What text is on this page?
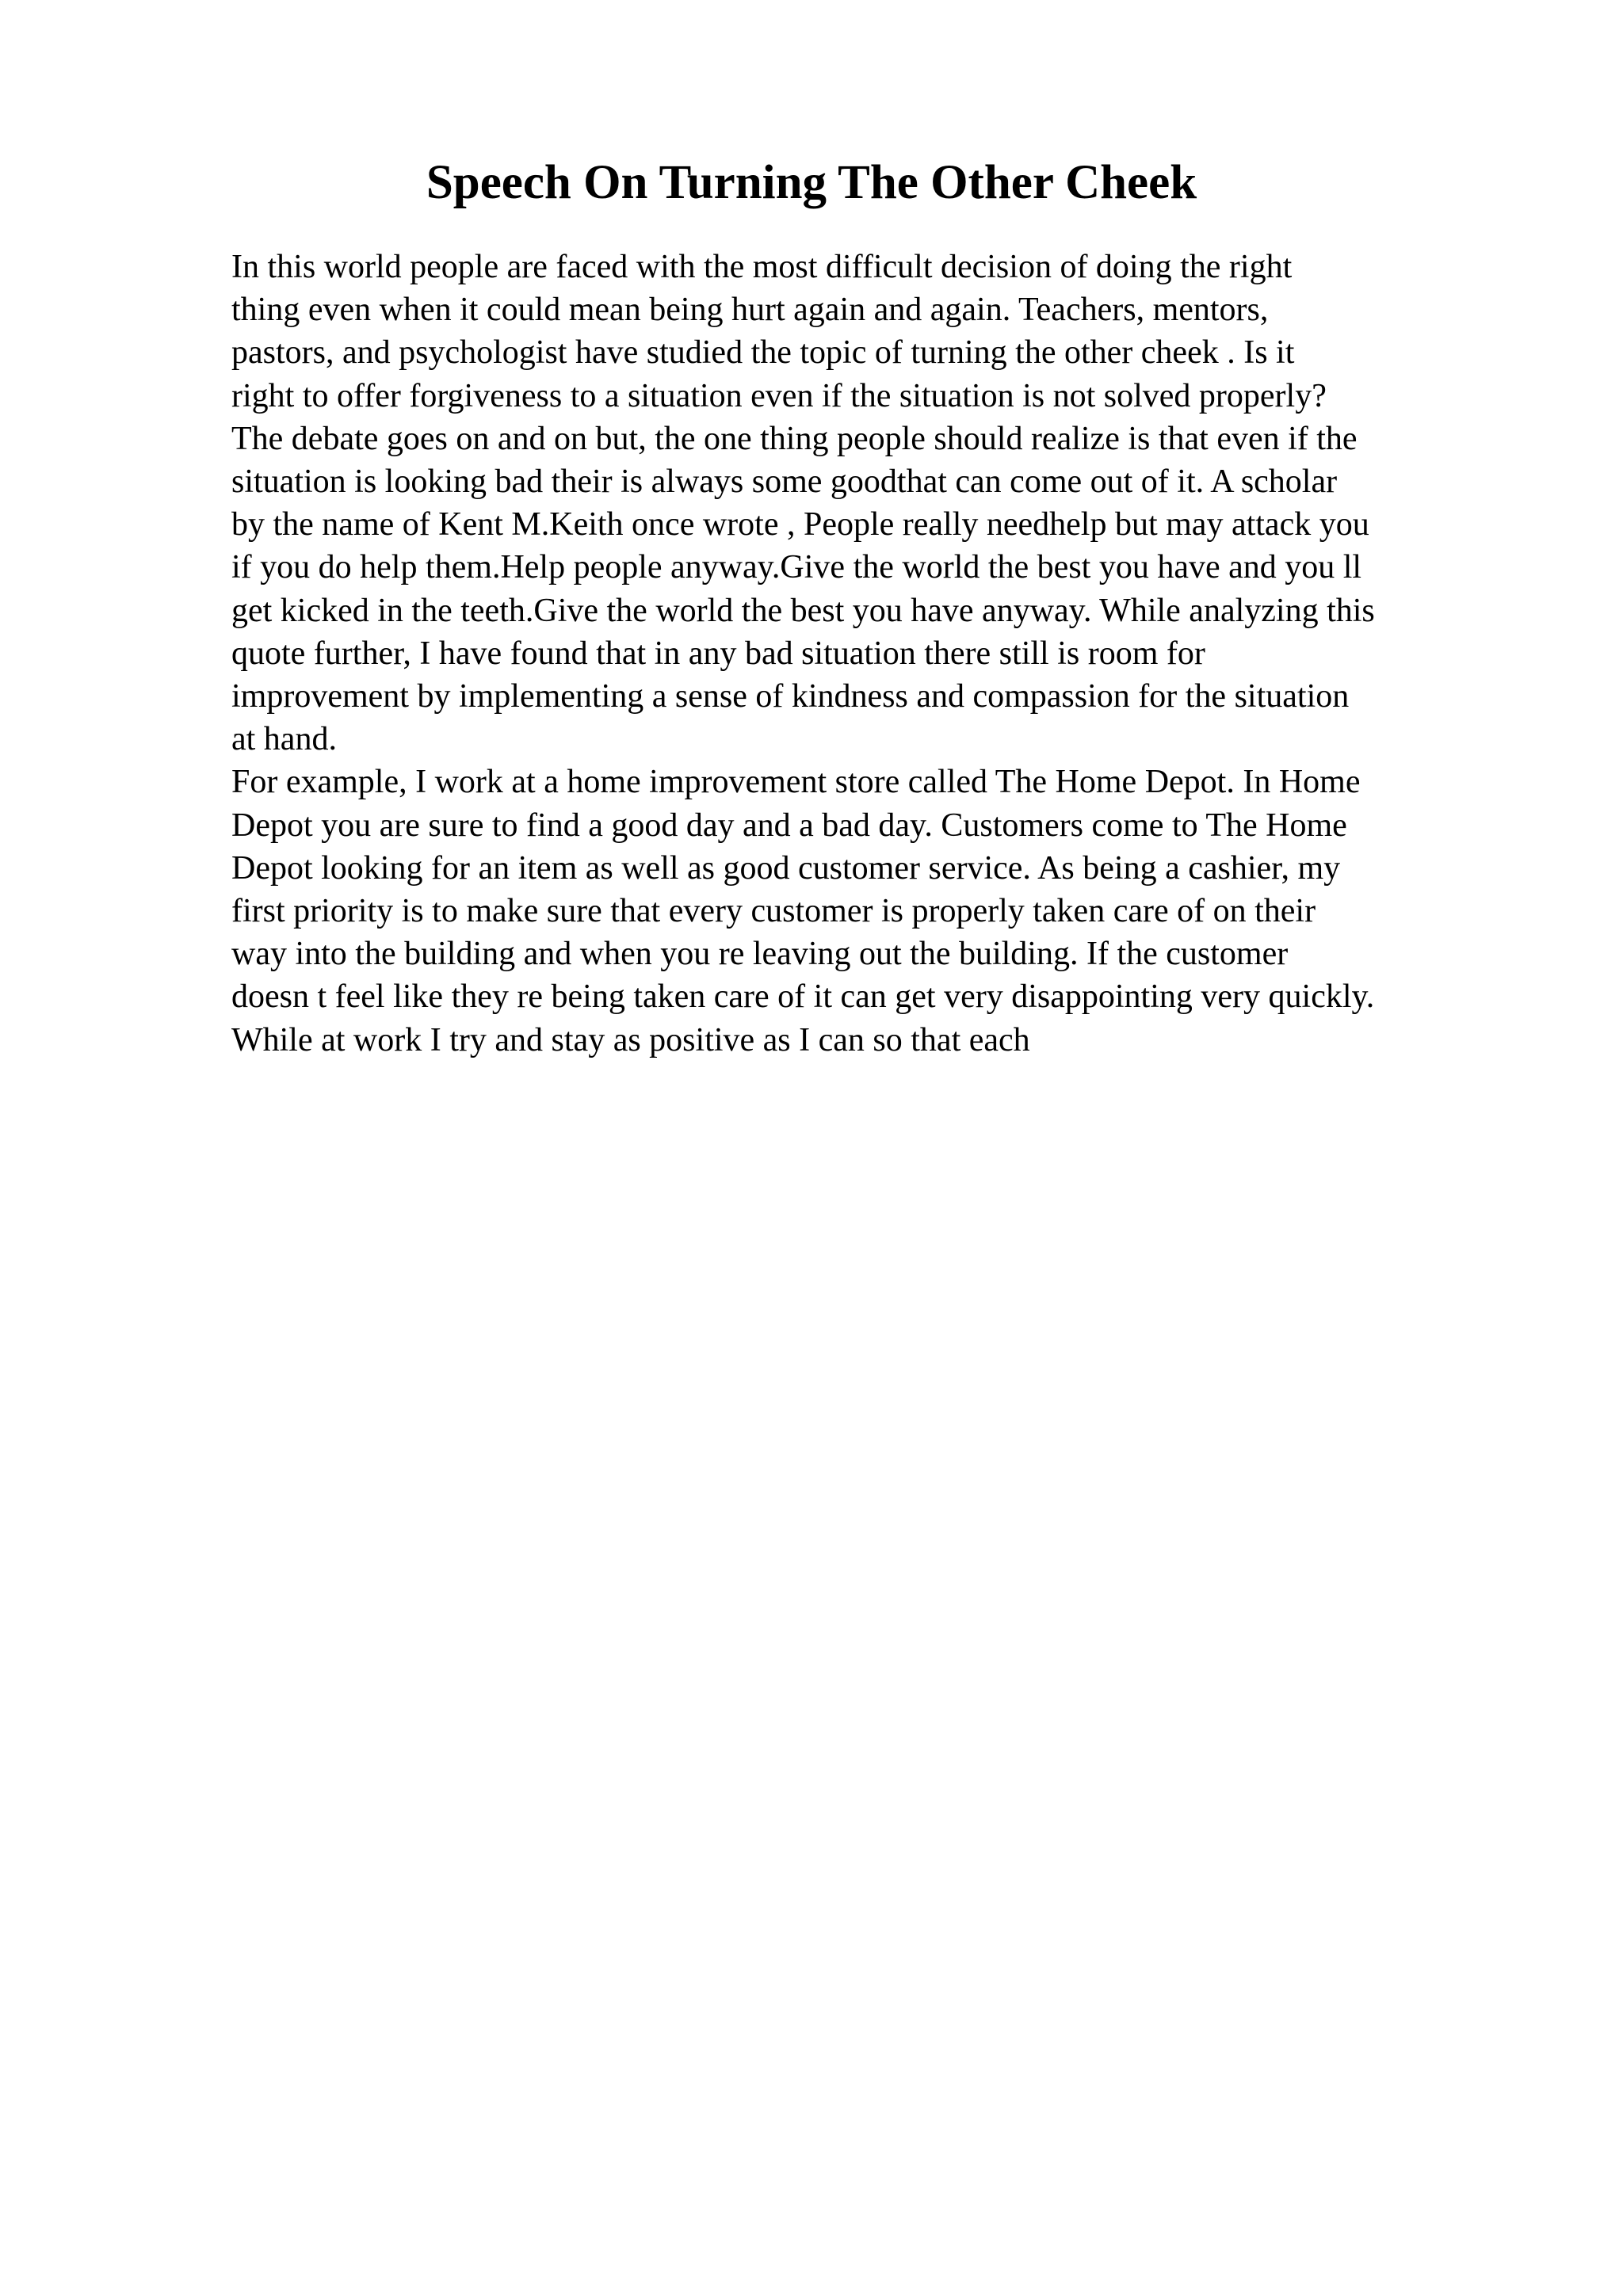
Speech On Turning The Other Cheek
In this world people are faced with the most difficult decision of doing the right
thing even when it could mean being hurt again and again. Teachers, mentors,
pastors, and psychologist have studied the topic of turning the other cheek . Is it
right to offer forgiveness to a situation even if the situation is not solved properly?
The debate goes on and on but, the one thing people should realize is that even if the
situation is looking bad their is always some goodthat can come out of it. A scholar
by the name of Kent M.Keith once wrote , People really needhelp but may attack you
if you do help them.Help people anyway.Give the world the best you have and you ll
get kicked in the teeth.Give the world the best you have anyway. While analyzing this
quote further, I have found that in any bad situation there still is room for
improvement by implementing a sense of kindness and compassion for the situation
at hand.
For example, I work at a home improvement store called The Home Depot. In Home
Depot you are sure to find a good day and a bad day. Customers come to The Home
Depot looking for an item as well as good customer service. As being a cashier, my
first priority is to make sure that every customer is properly taken care of on their
way into the building and when you re leaving out the building. If the customer
doesn t feel like they re being taken care of it can get very disappointing very quickly.
While at work I try and stay as positive as I can so that each
